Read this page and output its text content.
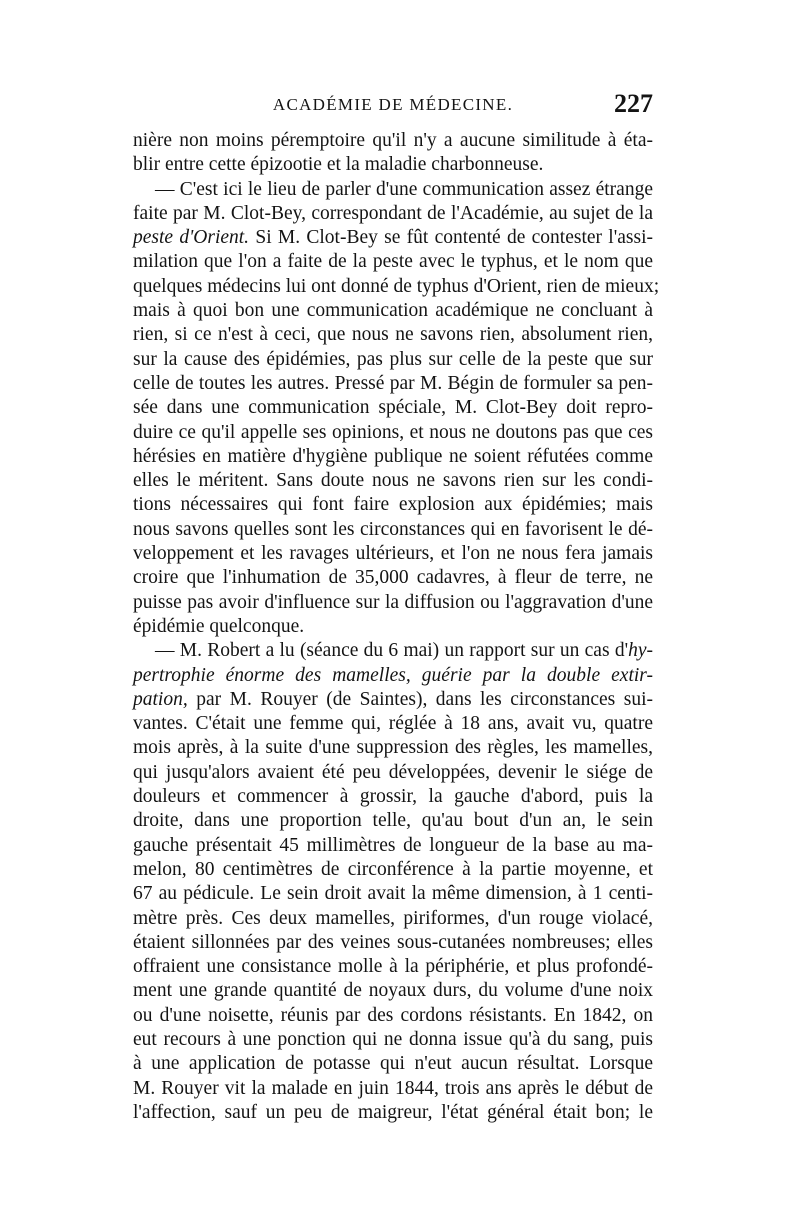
ACADÉMIE DE MÉDECINE.	227
nière non moins péremptoire qu'il n'y a aucune similitude à éta-
blir entre cette épizootie et la maladie charbonneuse.
— C'est ici le lieu de parler d'une communication assez étrange
faite par M. Clot-Bey, correspondant de l'Académie, au sujet de la
peste d'Orient. Si M. Clot-Bey se fût contenté de contester l'assi-
milation que l'on a faite de la peste avec le typhus, et le nom que
quelques médecins lui ont donné de typhus d'Orient, rien de mieux;
mais à quoi bon une communication académique ne concluant à
rien, si ce n'est à ceci, que nous ne savons rien, absolument rien,
sur la cause des épidémies, pas plus sur celle de la peste que sur
celle de toutes les autres. Pressé par M. Bégin de formuler sa pen-
sée dans une communication spéciale, M. Clot-Bey doit repro-
duire ce qu'il appelle ses opinions, et nous ne doutons pas que ces
hérésies en matière d'hygiène publique ne soient réfutées comme
elles le méritent. Sans doute nous ne savons rien sur les condi-
tions nécessaires qui font faire explosion aux épidémies; mais
nous savons quelles sont les circonstances qui en favorisent le dé-
veloppement et les ravages ultérieurs, et l'on ne nous fera jamais
croire que l'inhumation de 35,000 cadavres, à fleur de terre, ne
puisse pas avoir d'influence sur la diffusion ou l'aggravation d'une
épidémie quelconque.
— M. Robert a lu (séance du 6 mai) un rapport sur un cas d'hy-
pertrophie énorme des mamelles, guérie par la double extir-
pation, par M. Rouyer (de Saintes), dans les circonstances sui-
vantes. C'était une femme qui, réglée à 18 ans, avait vu, quatre
mois après, à la suite d'une suppression des règles, les mamelles,
qui jusqu'alors avaient été peu développées, devenir le siége de
douleurs et commencer à grossir, la gauche d'abord, puis la
droite, dans une proportion telle, qu'au bout d'un an, le sein
gauche présentait 45 millimètres de longueur de la base au ma-
melon, 80 centimètres de circonférence à la partie moyenne, et
67 au pédicule. Le sein droit avait la même dimension, à 1 centi-
mètre près. Ces deux mamelles, piriformes, d'un rouge violacé,
étaient sillonnées par des veines sous-cutanées nombreuses; elles
offraient une consistance molle à la périphérie, et plus profondé-
ment une grande quantité de noyaux durs, du volume d'une noix
ou d'une noisette, réunis par des cordons résistants. En 1842, on
eut recours à une ponction qui ne donna issue qu'à du sang, puis
à une application de potasse qui n'eut aucun résultat. Lorsque
M. Rouyer vit la malade en juin 1844, trois ans après le début de
l'affection, sauf un peu de maigreur, l'état général était bon; le
